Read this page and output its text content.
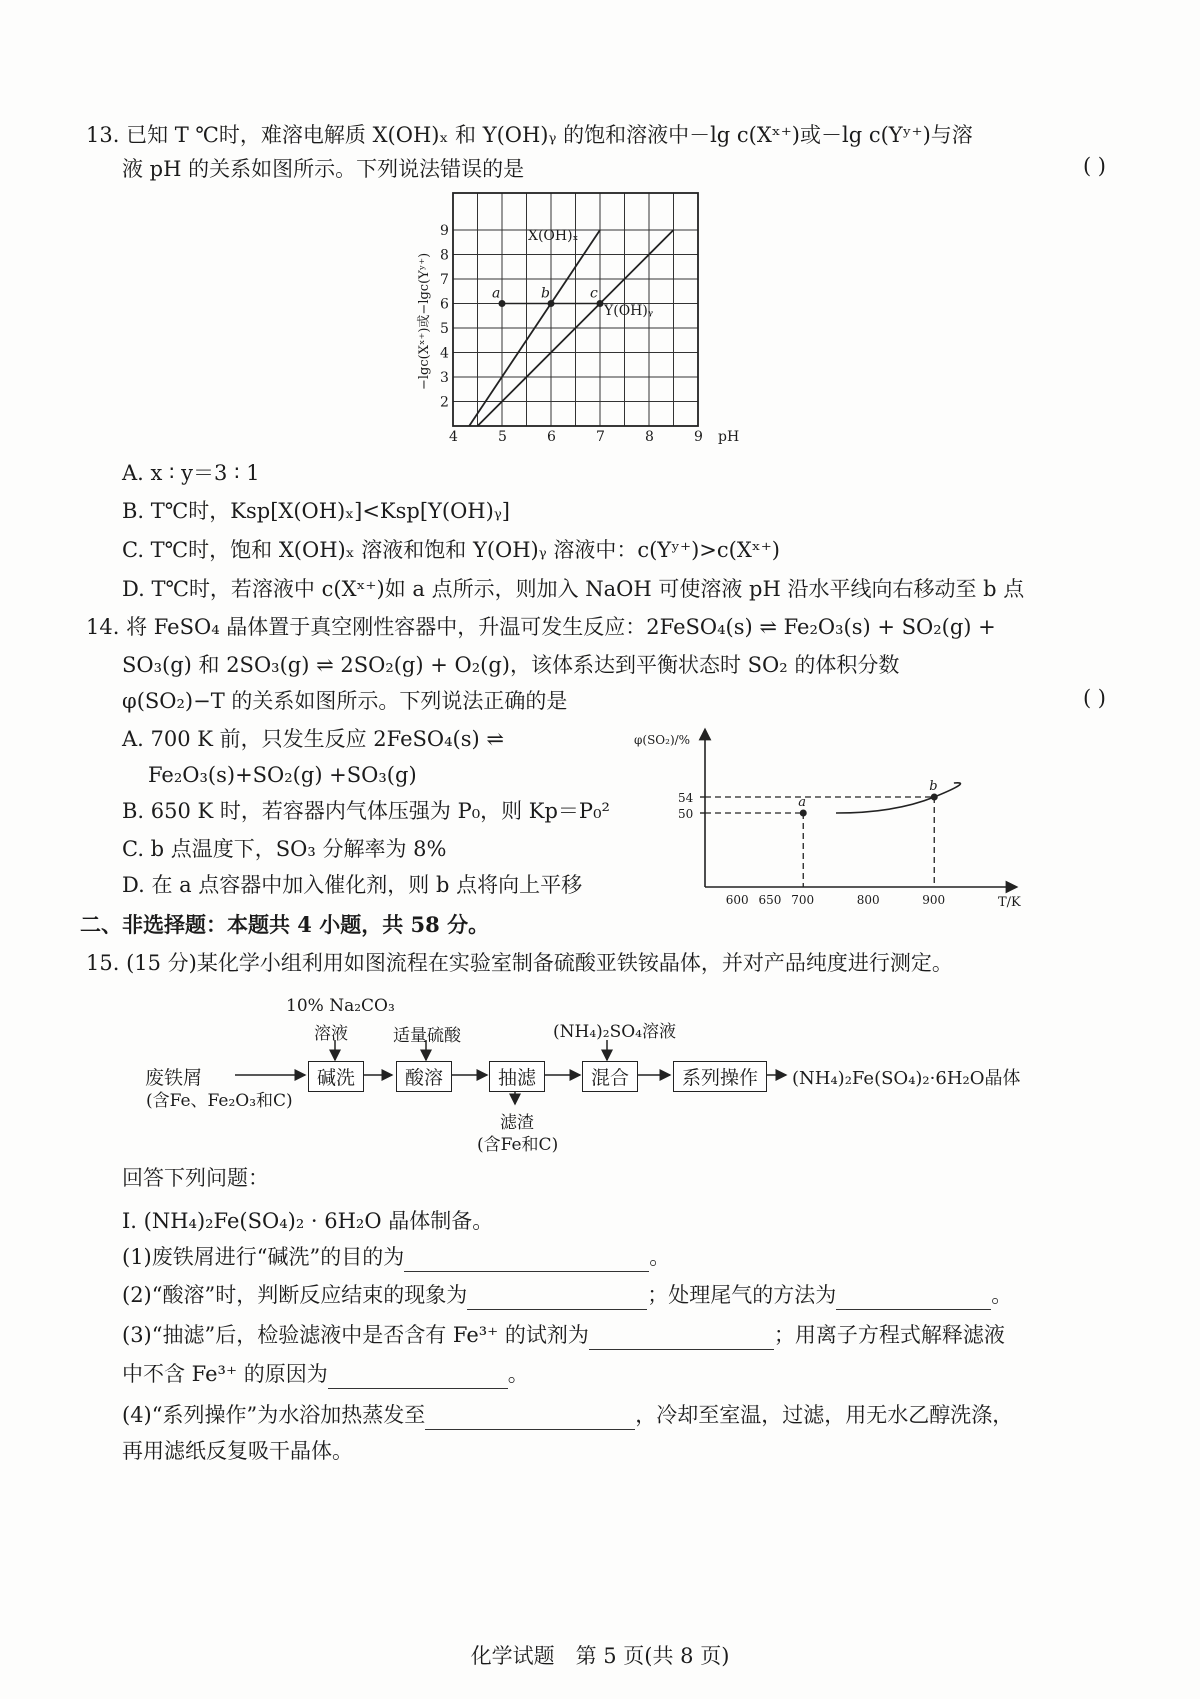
13. 已知 T ℃时，难溶电解质 X(OH)ₓ 和 Y(OH)ᵧ 的饱和溶液中－lg c(Xˣ⁺)或－lg c(Yʸ⁺)与溶
液 pH 的关系如图所示。下列说法错误的是	( )
4	5	6	7	8	9
2
3
4
5
6
7
8
9
a	b	c
X(OH)ₓ
Y(OH)ᵧ
pH
−lgc(Xˣ⁺)或−lgc(Yʸ⁺)
A. x ∶ y＝3 ∶ 1
B. T℃时，Ksp[X(OH)ₓ]<Ksp[Y(OH)ᵧ]
C. T℃时，饱和 X(OH)ₓ 溶液和饱和 Y(OH)ᵧ 溶液中：c(Yʸ⁺)>c(Xˣ⁺)
D. T℃时，若溶液中 c(Xˣ⁺)如 a 点所示，则加入 NaOH 可使溶液 pH 沿水平线向右移动至 b 点
14. 将 FeSO₄ 晶体置于真空刚性容器中，升温可发生反应：2FeSO₄(s) ⇌ Fe₂O₃(s) + SO₂(g) +
SO₃(g) 和 2SO₃(g) ⇌ 2SO₂(g) + O₂(g)，该体系达到平衡状态时 SO₂ 的体积分数
φ(SO₂)−T 的关系如图所示。下列说法正确的是	( )
A. 700 K 前，只发生反应 2FeSO₄(s) ⇌
Fe₂O₃(s)+SO₂(g) +SO₃(g)
B. 650 K 时，若容器内气体压强为 P₀，则 Kp＝P₀²
C. b 点温度下，SO₃ 分解率为 8%
D. 在 a 点容器中加入催化剂，则 b 点将向上平移
600 650 700	800	900
54
50
a
b
φ(SO₂)/%
T/K
二、非选择题：本题共 4 小题，共 58 分。
15. (15 分)某化学小组利用如图流程在实验室制备硫酸亚铁铵晶体，并对产品纯度进行测定。
废铁屑
(含Fe、Fe₂O₃和C)
10% Na₂CO₃
溶液	适量硫酸	(NH₄)₂SO₄溶液
碱洗	酸溶	抽滤	混合	系列操作	(NH₄)₂Fe(SO₄)₂·6H₂O晶体
滤渣
(含Fe和C)
回答下列问题：
Ⅰ. (NH₄)₂Fe(SO₄)₂ · 6H₂O 晶体制备。
(1)废铁屑进行“碱洗”的目的为	。
(2)“酸溶”时，判断反应结束的现象为	；处理尾气的方法为	。
(3)“抽滤”后，检验滤液中是否含有 Fe³⁺ 的试剂为	；用离子方程式解释滤液
中不含 Fe³⁺ 的原因为	。
(4)“系列操作”为水浴加热蒸发至	，冷却至室温，过滤，用无水乙醇洗涤，
再用滤纸反复吸干晶体。
化学试题　第 5 页(共 8 页)
